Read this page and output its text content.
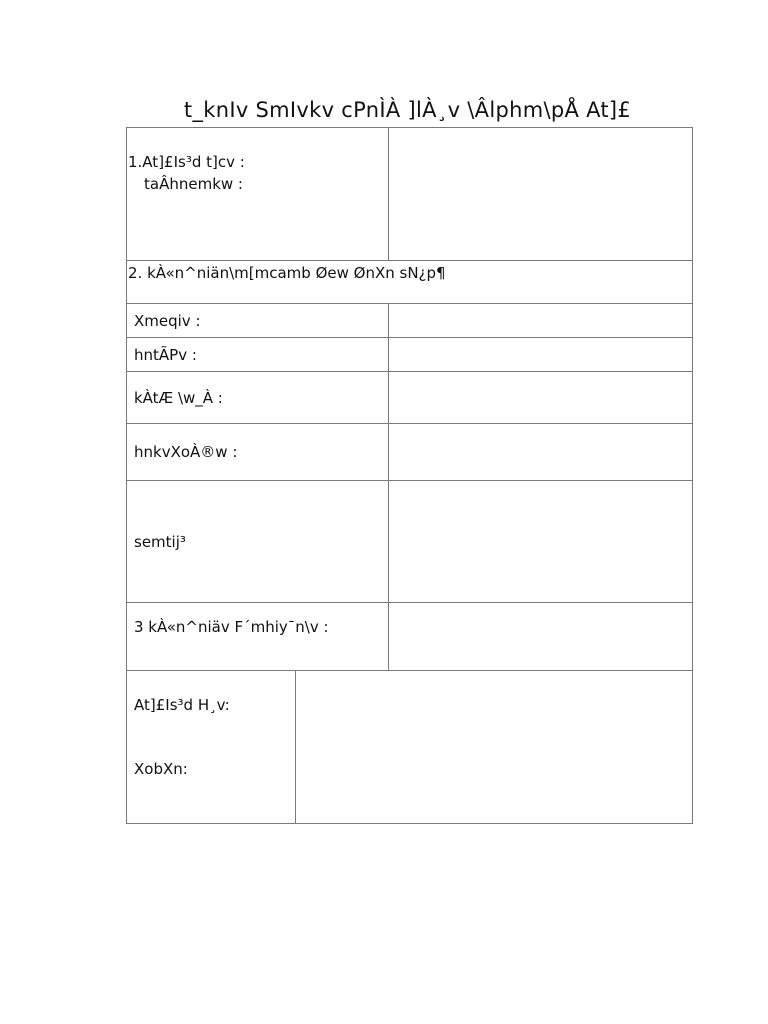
t_knIv SmIvkv cPnÌÀ ]lÀ¸v \Âlphm\pÅ At]£
1.At]£Is³d t]cv :
taÂhnemkw :
2. kÀ«n^niän\m[mcamb Øew ØnXn sN¿p¶
Xmeqiv :
hntÃPv :
kÀtÆ \w_À :
hnkvXoÀ®w :
semtij³
3 kÀ«n^niäv F´mhiy¯n\v :
At]£Is³d H¸v:
XobXn:
